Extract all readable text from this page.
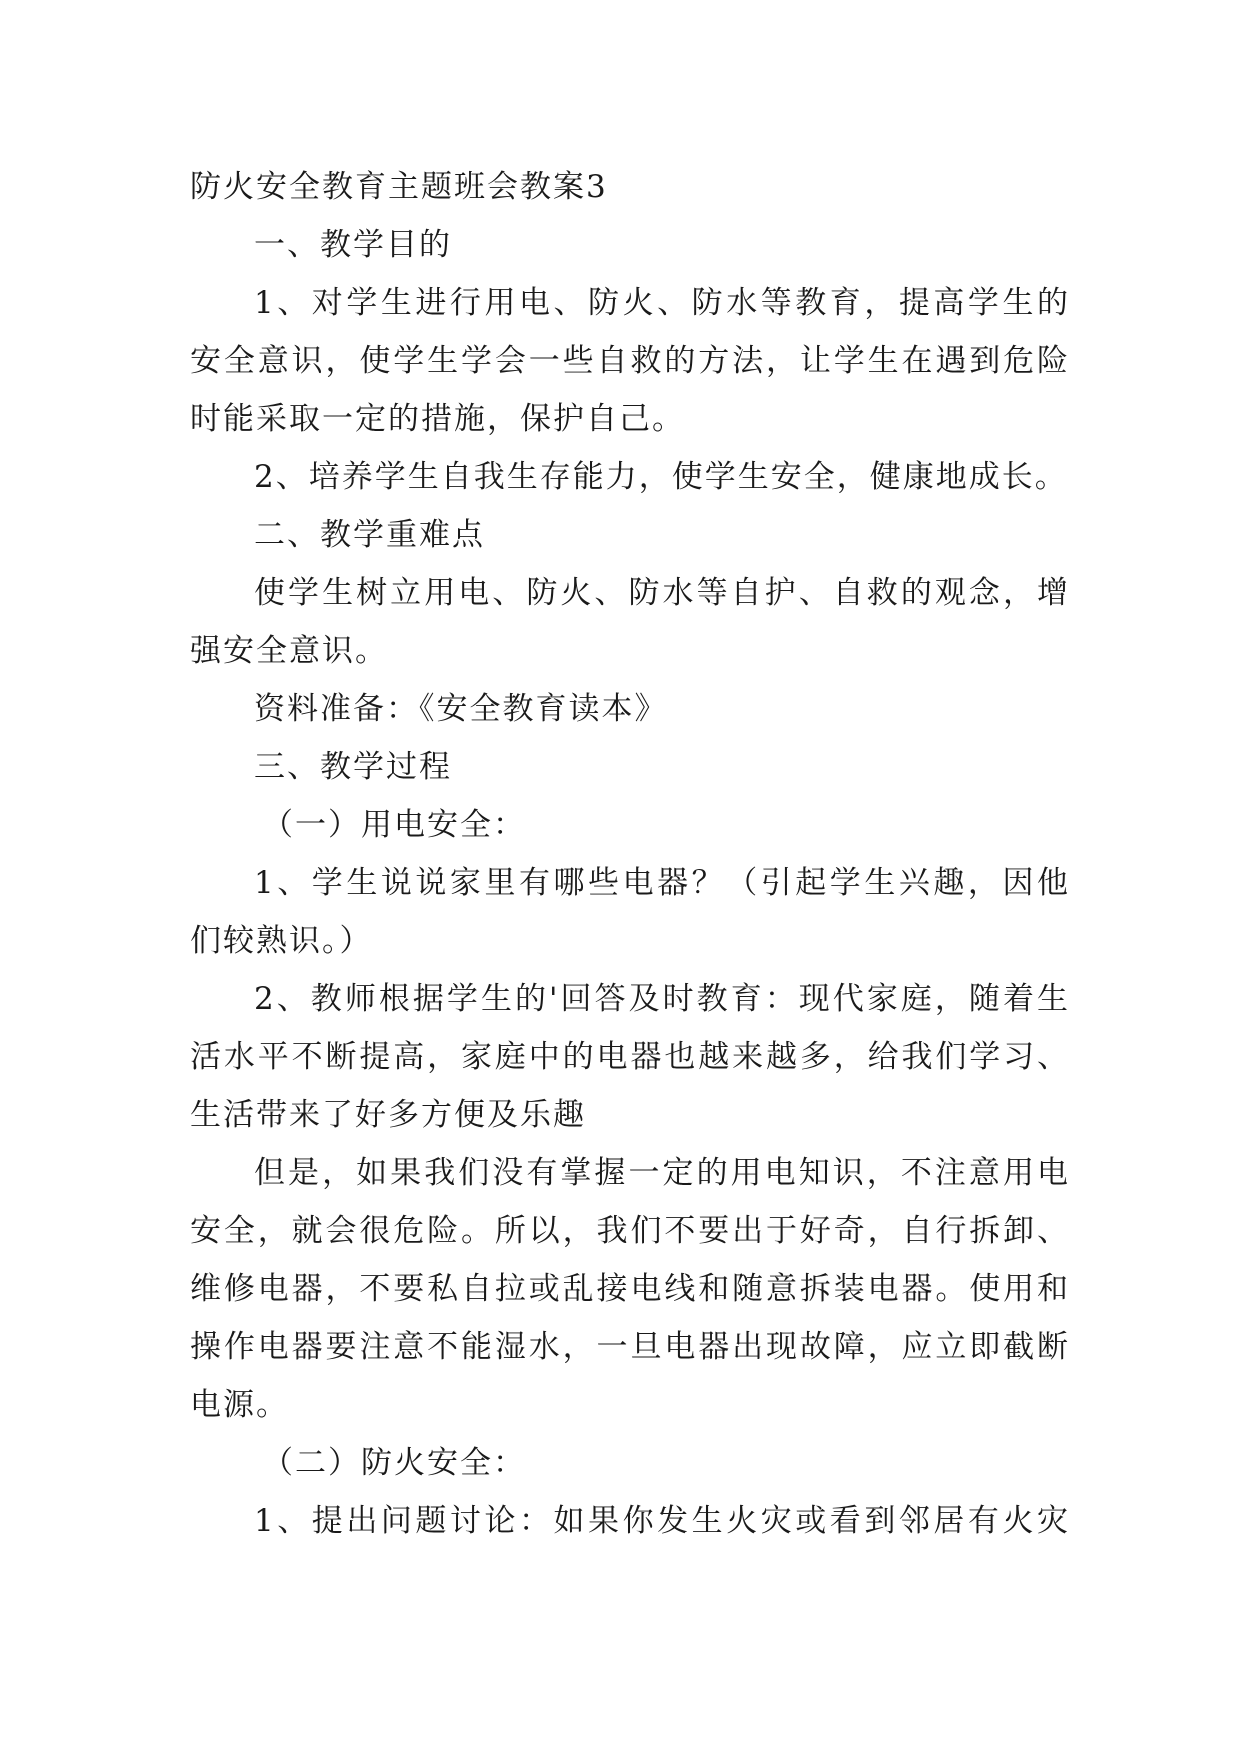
防火安全教育主题班会教案3

一、教学目的

1、对学生进行用电、防火、防水等教育，提高学生的

安全意识，使学生学会一些自救的方法，让学生在遇到危险

时能采取一定的措施，保护自己。

2、培养学生自我生存能力，使学生安全，健康地成长。

二、教学重难点

使学生树立用电、防火、防水等自护、自救的观念，增

强安全意识。

资料准备：《安全教育读本》

三、教学过程

（一）用电安全：

1、学生说说家里有哪些电器？（引起学生兴趣，因他

们较熟识。）

2、教师根据学生的'回答及时教育：现代家庭，随着生

活水平不断提高，家庭中的电器也越来越多，给我们学习、

生活带来了好多方便及乐趣

但是，如果我们没有掌握一定的用电知识，不注意用电

安全，就会很危险。所以，我们不要出于好奇，自行拆卸、

维修电器，不要私自拉或乱接电线和随意拆装电器。使用和

操作电器要注意不能湿水，一旦电器出现故障，应立即截断

电源。

（二）防火安全：

1、提出问题讨论：如果你发生火灾或看到邻居有火灾
